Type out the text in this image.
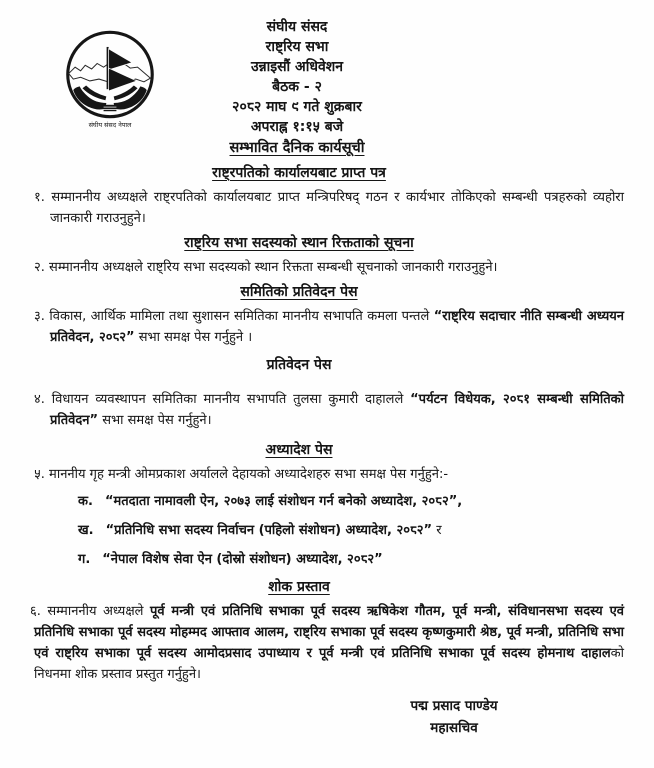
संघीय संसद नेपाल
संघीय संसद
राष्ट्रिय सभा
उन्नाइसौं अधिवेशन
बैठक - २
२०८२ माघ ९ गते शुक्रबार
अपराह्न १:१५ बजे
सम्भावित दैनिक कार्यसूची
राष्ट्रपतिको कार्यालयबाट प्राप्त पत्र

१. सम्माननीय अध्यक्षले राष्ट्रपतिको कार्यालयबाट प्राप्त मन्त्रिपरिषद् गठन र कार्यभार तोकिएको सम्बन्धी पत्रहरुको व्यहोरा जानकारी गराउनुहुने।

राष्ट्रिय सभा सदस्यको स्थान रिक्तताको सूचना

२. सम्माननीय अध्यक्षले राष्ट्रिय सभा सदस्यको स्थान रिक्तता सम्बन्धी सूचनाको जानकारी गराउनुहुने।

समितिको प्रतिवेदन पेस

३. विकास, आर्थिक मामिला तथा सुशासन समितिका माननीय सभापति कमला पन्तले “राष्ट्रिय सदाचार नीति सम्बन्धी अध्ययन प्रतिवेदन, २०८२” सभा समक्ष पेस गर्नुहुने ।

प्रतिवेदन पेस

४. विधायन व्यवस्थापन समितिका माननीय सभापति तुलसा कुमारी दाहालले “पर्यटन विधेयक, २०८१ सम्बन्धी समितिको प्रतिवेदन” सभा समक्ष पेस गर्नुहुने।

अध्यादेश पेस

५. माननीय गृह मन्त्री ओमप्रकाश अर्यालले देहायको अध्यादेशहरु सभा समक्ष पेस गर्नुहुने:-

क. “मतदाता नामावली ऐन, २०७३ लाई संशोधन गर्न बनेको अध्यादेश, २०८२”,

ख. “प्रतिनिधि सभा सदस्य निर्वाचन (पहिलो संशोधन) अध्यादेश, २०८२” र

ग. “नेपाल विशेष सेवा ऐन (दोस्रो संशोधन) अध्यादेश, २०८२”

शोक प्रस्ताव

६. सम्माननीय अध्यक्षले पूर्व मन्त्री एवं प्रतिनिधि सभाका पूर्व सदस्य ऋषिकेश गौतम, पूर्व मन्त्री, संविधानसभा सदस्य एवं प्रतिनिधि सभाका पूर्व सदस्य मोहम्मद आफ्ताव आलम, राष्ट्रिय सभाका पूर्व सदस्य कृष्णकुमारी श्रेष्ठ, पूर्व मन्त्री, प्रतिनिधि सभा एवं राष्ट्रिय सभाका पूर्व सदस्य आमोदप्रसाद उपाध्याय र पूर्व मन्त्री एवं प्रतिनिधि सभाका पूर्व सदस्य होमनाथ दाहालको निधनमा शोक प्रस्ताव प्रस्तुत गर्नुहुने।

पद्म प्रसाद पाण्डेय
महासचिव
